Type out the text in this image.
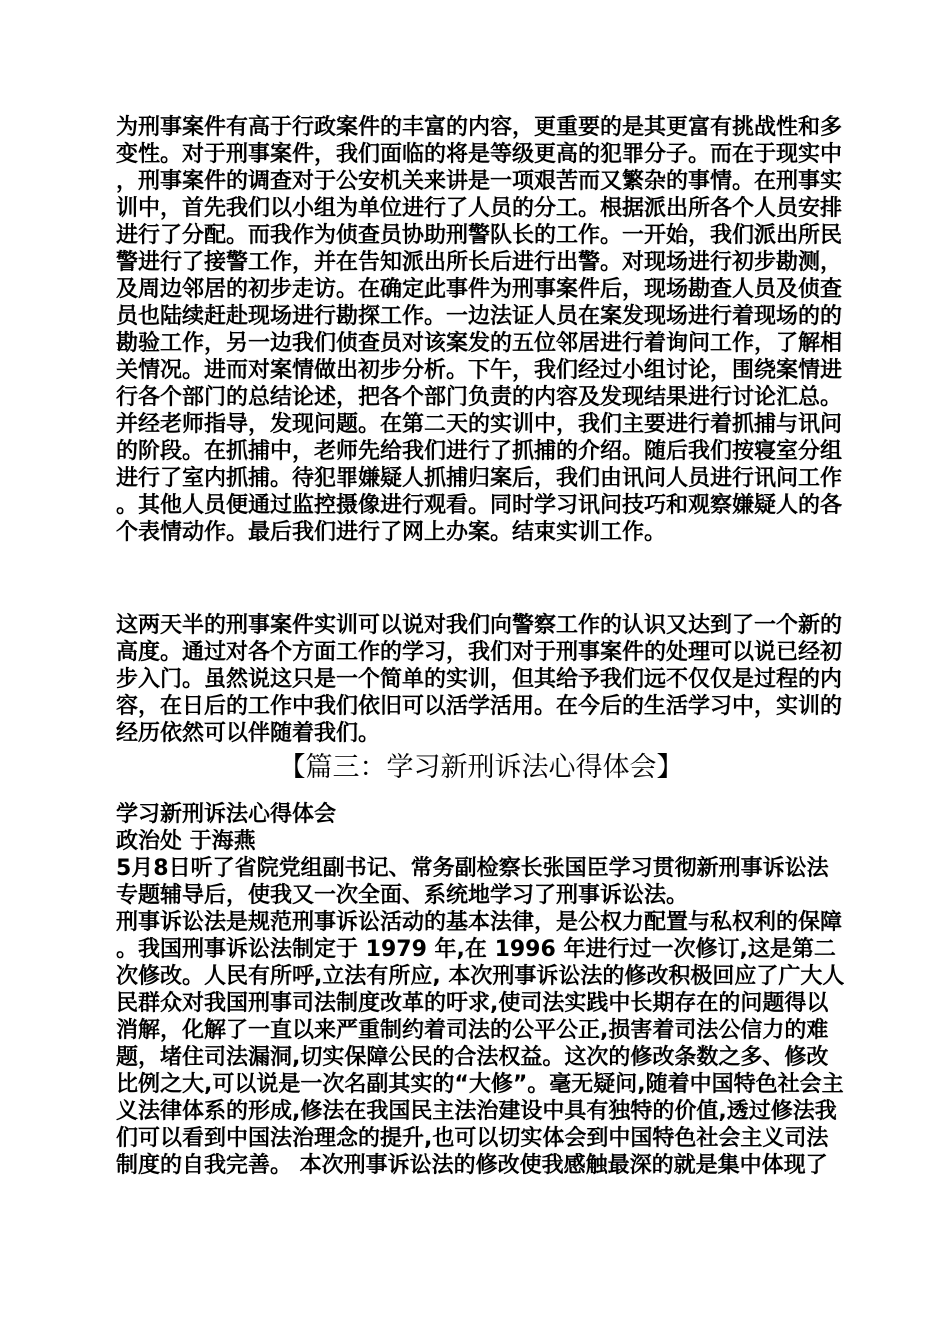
为刑事案件有高于行政案件的丰富的内容，更重要的是其更富有挑战性和多变性。对于刑事案件，我们面临的将是等级更高的犯罪分子。而在于现实中，刑事案件的调查对于公安机关来讲是一项艰苦而又繁杂的事情。在刑事实训中，首先我们以小组为单位进行了人员的分工。根据派出所各个人员安排进行了分配。而我作为侦查员协助刑警队长的工作。一开始，我们派出所民警进行了接警工作，并在告知派出所长后进行出警。对现场进行初步勘测，及周边邻居的初步走访。在确定此事件为刑事案件后，现场勘查人员及侦查员也陆续赶赴现场进行勘探工作。一边法证人员在案发现场进行着现场的的勘验工作，另一边我们侦查员对该案发的五位邻居进行着询问工作，了解相关情况。进而对案情做出初步分析。下午，我们经过小组讨论，围绕案情进行各个部门的总结论述，把各个部门负责的内容及发现结果进行讨论汇总。并经老师指导，发现问题。在第二天的实训中，我们主要进行着抓捕与讯问的阶段。在抓捕中，老师先给我们进行了抓捕的介绍。随后我们按寝室分组进行了室内抓捕。待犯罪嫌疑人抓捕归案后，我们由讯问人员进行讯问工作。其他人员便通过监控摄像进行观看。同时学习讯问技巧和观察嫌疑人的各个表情动作。最后我们进行了网上办案。结束实训工作。

这两天半的刑事案件实训可以说对我们向警察工作的认识又达到了一个新的高度。通过对各个方面工作的学习，我们对于刑事案件的处理可以说已经初步入门。虽然说这只是一个简单的实训，但其给予我们远不仅仅是过程的内容，在日后的工作中我们依旧可以活学活用。在今后的生活学习中，实训的经历依然可以伴随着我们。

【篇三：学习新刑诉法心得体会】

学习新刑诉法心得体会

政治处 于海燕

5月8日听了省院党组副书记、常务副检察长张国臣学习贯彻新刑事诉讼法专题辅导后，使我又一次全面、系统地学习了刑事诉讼法。

刑事诉讼法是规范刑事诉讼活动的基本法律，是公权力配置与私权利的保障。我国刑事诉讼法制定于 1979 年,在 1996 年进行过一次修订,这是第二次修改。人民有所呼,立法有所应, 本次刑事诉讼法的修改积极回应了广大人民群众对我国刑事司法制度改革的吁求,使司法实践中长期存在的问题得以消解，化解了一直以来严重制约着司法的公平公正,损害着司法公信力的难题，堵住司法漏洞,切实保障公民的合法权益。这次的修改条数之多、修改比例之大,可以说是一次名副其实的“大修”。毫无疑问,随着中国特色社会主义法律体系的形成,修法在我国民主法治建设中具有独特的价值,透过修法我们可以看到中国法治理念的提升,也可以切实体会到中国特色社会主义司法制度的自我完善。 本次刑事诉讼法的修改使我感触最深的就是集中体现了
